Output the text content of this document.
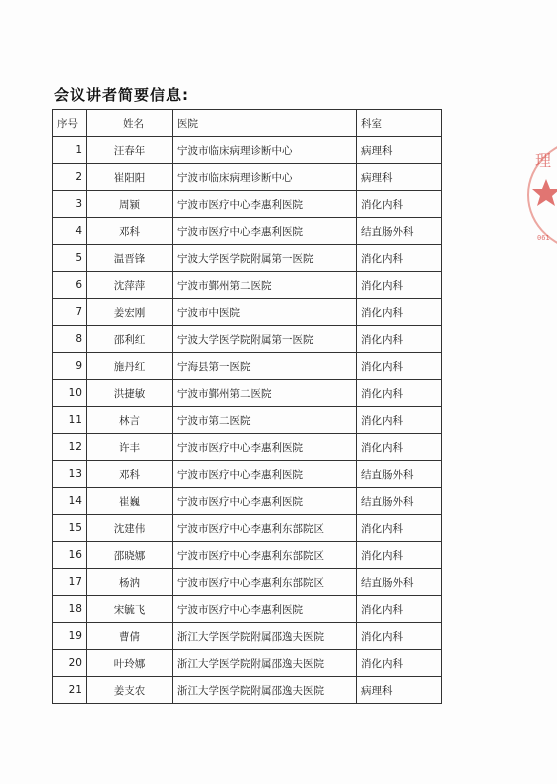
会议讲者简要信息:
序号	姓名	医院	科室
1	汪春年	宁波市临床病理诊断中心	病理科
2	崔阳阳	宁波市临床病理诊断中心	病理科
3	周颍	宁波市医疗中心李惠利医院	消化内科
4	邓科	宁波市医疗中心李惠利医院	结直肠外科
5	温晋锋	宁波大学医学院附属第一医院	消化内科
6	沈萍萍	宁波市鄞州第二医院	消化内科
7	姜宏刚	宁波市中医院	消化内科
8	邵利红	宁波大学医学院附属第一医院	消化内科
9	施丹红	宁海县第一医院	消化内科
10	洪捷敏	宁波市鄞州第二医院	消化内科
11	林言	宁波市第二医院	消化内科
12	许丰	宁波市医疗中心李惠利医院	消化内科
13	邓科	宁波市医疗中心李惠利医院	结直肠外科
14	崔巍	宁波市医疗中心李惠利医院	结直肠外科
15	沈建伟	宁波市医疗中心李惠利东部院区	消化内科
16	邵晓娜	宁波市医疗中心李惠利东部院区	消化内科
17	杨汭	宁波市医疗中心李惠利东部院区	结直肠外科
18	宋毓飞	宁波市医疗中心李惠利医院	消化内科
19	曹倩	浙江大学医学院附属邵逸夫医院	消化内科
20	叶玲娜	浙江大学医学院附属邵逸夫医院	消化内科
21	姜支农	浙江大学医学院附属邵逸夫医院	病理科
理
061
